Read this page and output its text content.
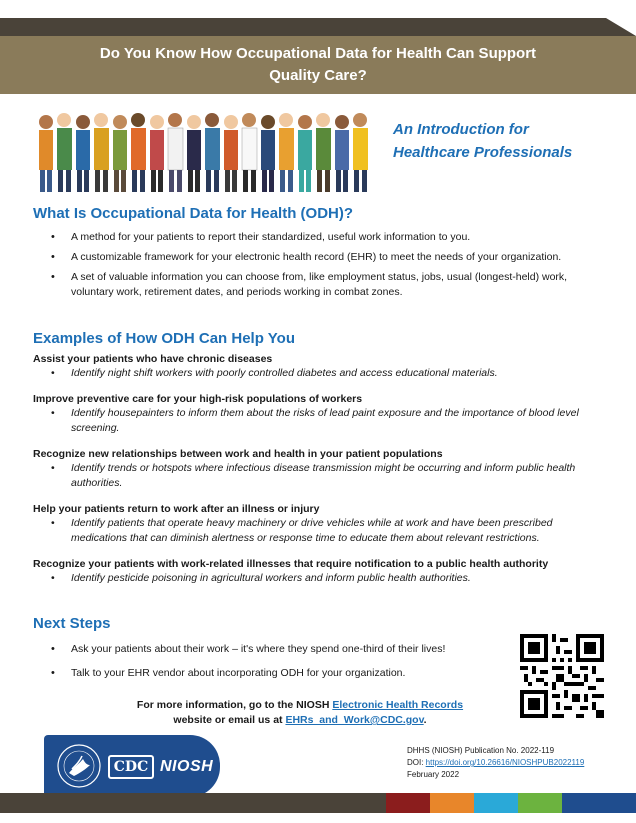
Do You Know How Occupational Data for Health Can Support Quality Care?
An Introduction for
Healthcare Professionals
What Is Occupational Data for Health (ODH)?
• A method for your patients to report their standardized, useful work information to you.
• A customizable framework for your electronic health record (EHR) to meet the needs of your organization.
• A set of valuable information you can choose from, like employment status, jobs, usual (longest-held) work, voluntary work, retirement dates, and periods working in combat zones.
Examples of How ODH Can Help You
Assist your patients who have chronic diseases
• Identify night shift workers with poorly controlled diabetes and access educational materials.
Improve preventive care for your high-risk populations of workers
• Identify housepainters to inform them about the risks of lead paint exposure and the importance of blood level screening.
Recognize new relationships between work and health in your patient populations
• Identify trends or hotspots where infectious disease transmission might be occurring and inform public health authorities.
Help your patients return to work after an illness or injury
• Identify patients that operate heavy machinery or drive vehicles while at work and have been prescribed medications that can diminish alertness or response time to educate them about relevant restrictions.
Recognize your patients with work-related illnesses that require notification to a public health authority
• Identify pesticide poisoning in agricultural workers and inform public health authorities.
Next Steps
• Ask your patients about their work – it's where they spend one-third of their lives!
• Talk to your EHR vendor about incorporating ODH for your organization.
For more information, go to the NIOSH Electronic Health Records
website or email us at EHRs_and_Work@CDC.gov.
CDC NIOSH
DHHS (NIOSH) Publication No. 2022-119
DOI: https://doi.org/10.26616/NIOSHPUB2022119
February 2022
